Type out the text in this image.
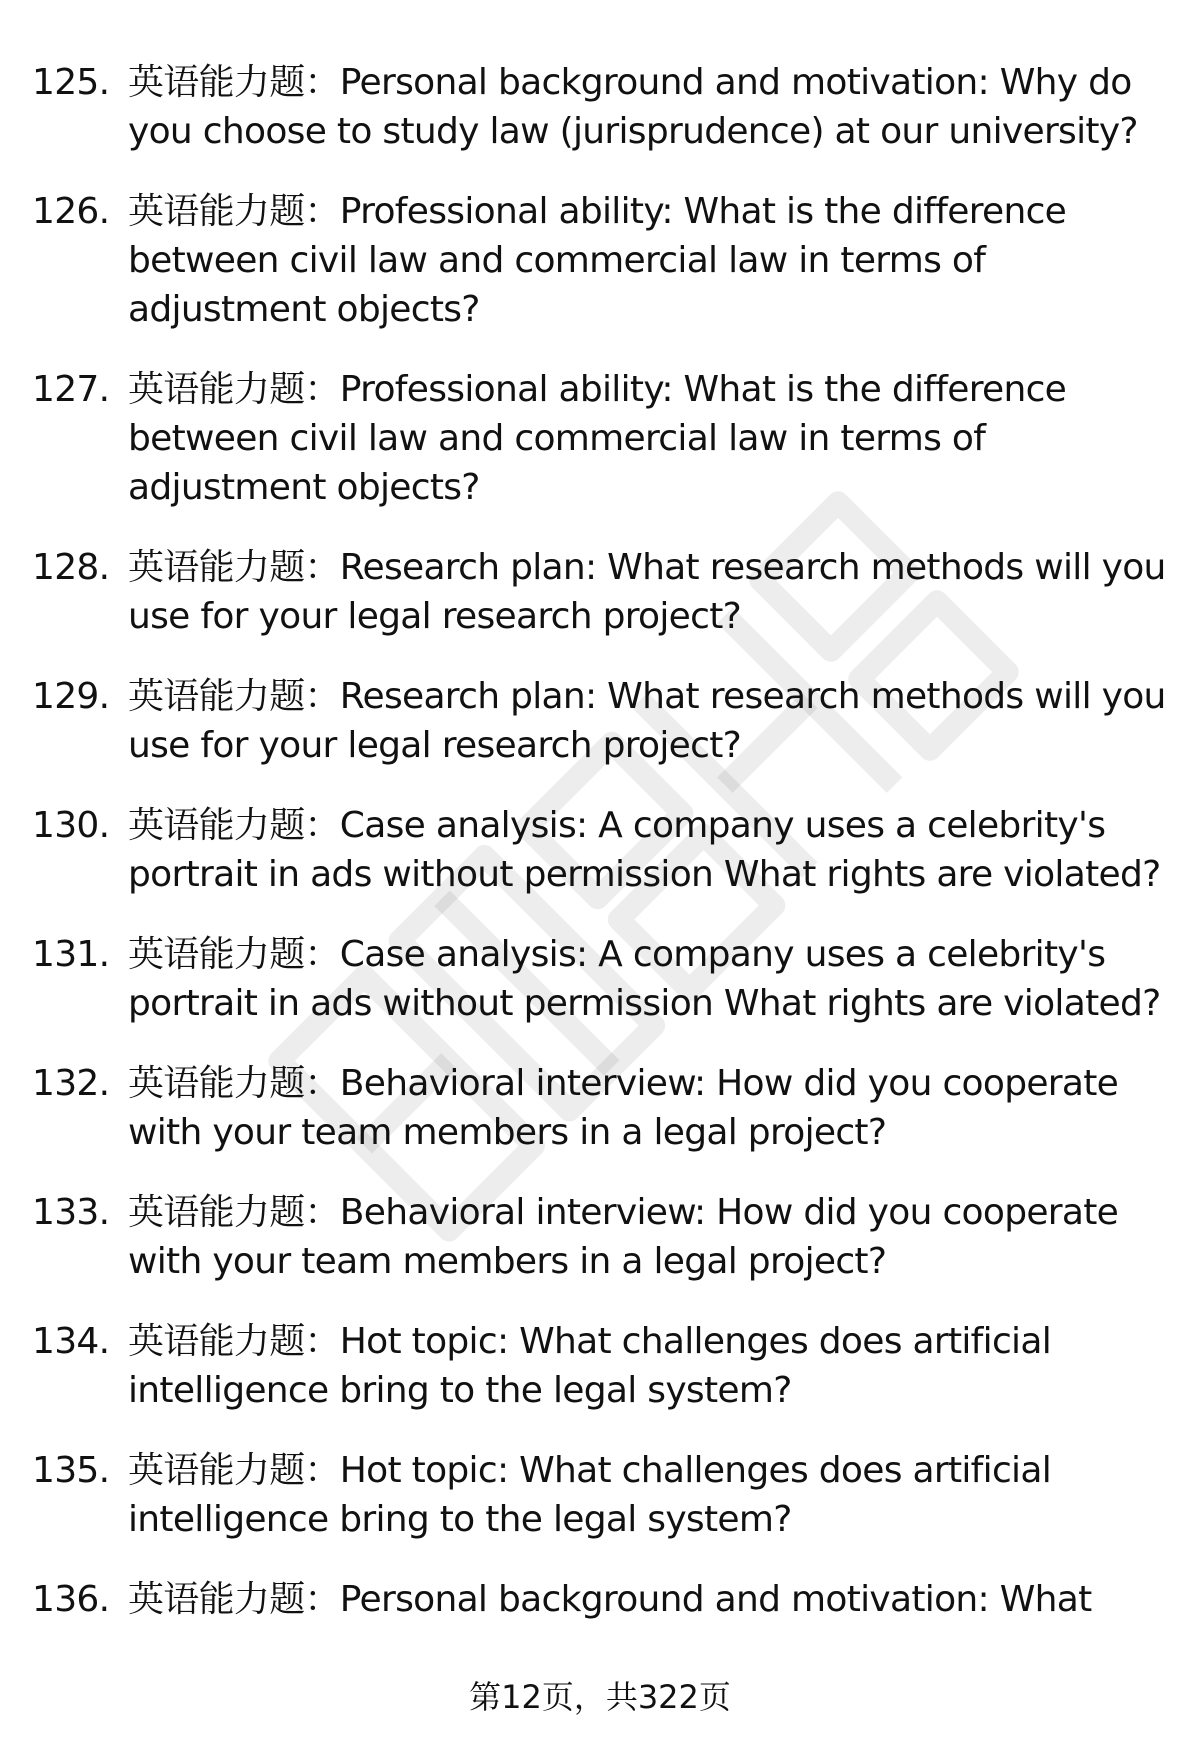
125. 英语能力题：Personal background and motivation: Why do you choose to study law (jurisprudence) at our university?
126. 英语能力题：Professional ability: What is the difference between civil law and commercial law in terms of adjustment objects?
127. 英语能力题：Professional ability: What is the difference between civil law and commercial law in terms of adjustment objects?
128. 英语能力题：Research plan: What research methods will you use for your legal research project?
129. 英语能力题：Research plan: What research methods will you use for your legal research project?
130. 英语能力题：Case analysis: A company uses a celebrity's portrait in ads without permission What rights are violated?
131. 英语能力题：Case analysis: A company uses a celebrity's portrait in ads without permission What rights are violated?
132. 英语能力题：Behavioral interview: How did you cooperate with your team members in a legal project?
133. 英语能力题：Behavioral interview: How did you cooperate with your team members in a legal project?
134. 英语能力题：Hot topic: What challenges does artificial intelligence bring to the legal system?
135. 英语能力题：Hot topic: What challenges does artificial intelligence bring to the legal system?
136. 英语能力题：Personal background and motivation: What
第12页，共322页
